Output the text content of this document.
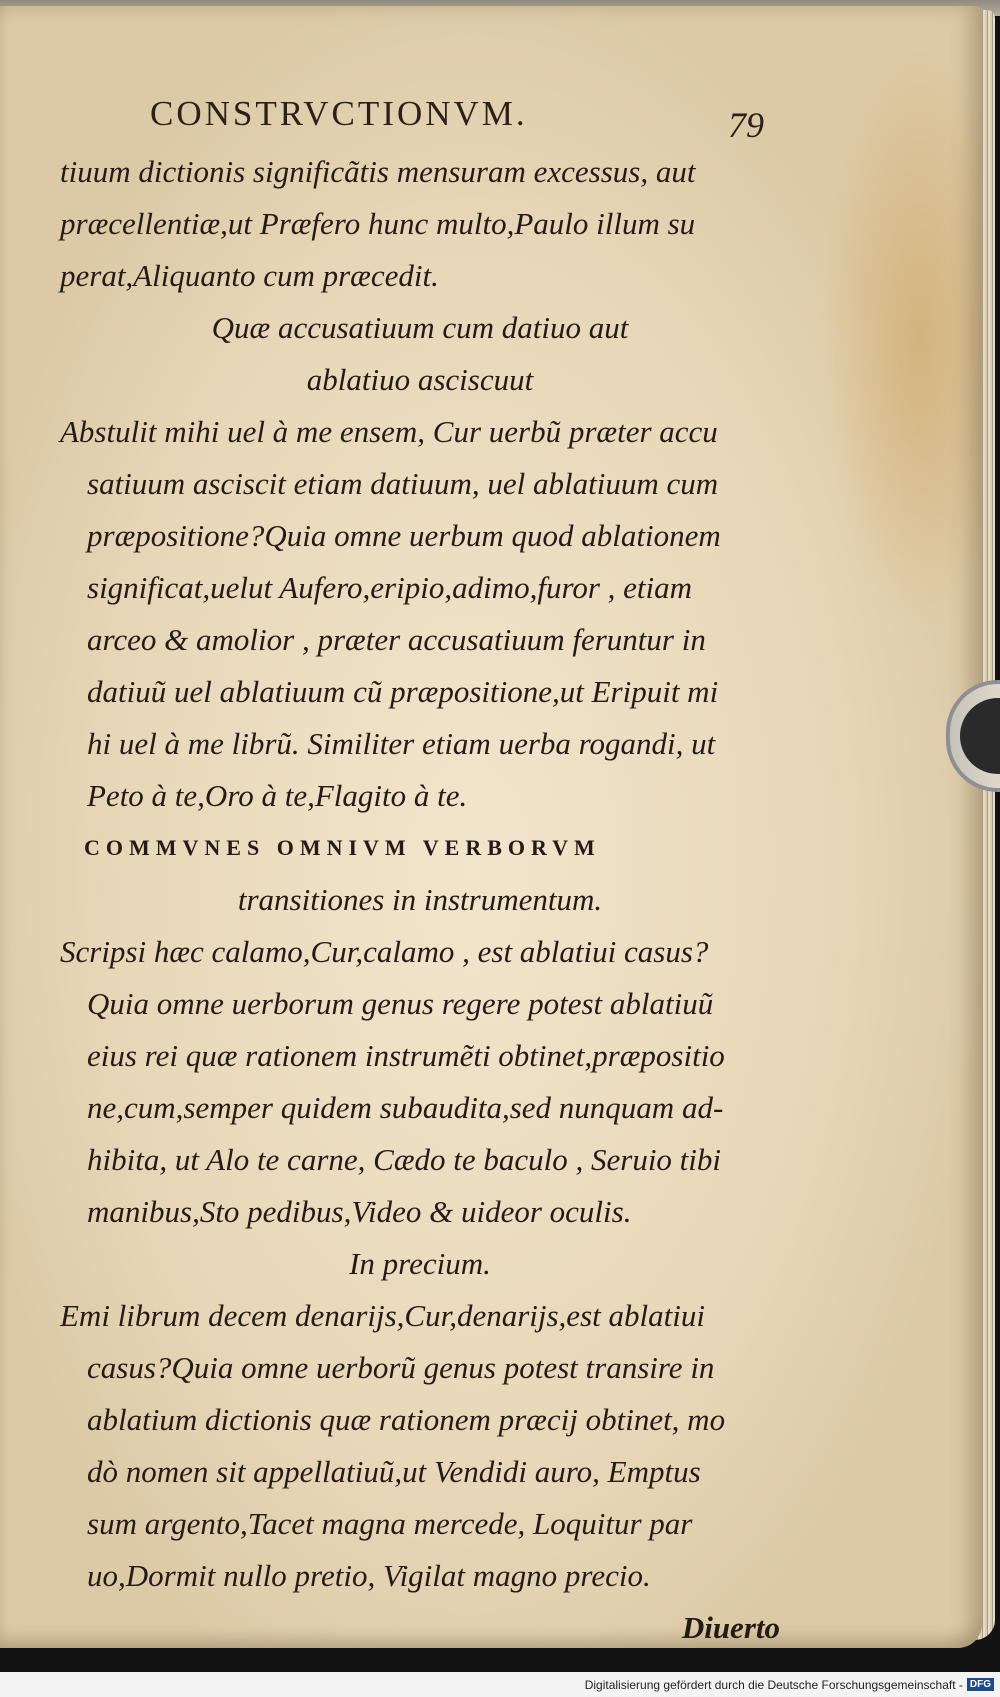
CONSTRVCTIONVM.	79
tiuum dictionis significãtis mensuram excessus, aut
præcellentiæ,ut Præfero hunc multo,Paulo illum su
perat,Aliquanto cum præcedit.
Quæ accusatiuum cum datiuo aut
ablatiuo asciscuut
Abstulit mihi uel à me ensem, Cur uerbũ præter accu
satiuum asciscit etiam datiuum, uel ablatiuum cum
præpositione?Quia omne uerbum quod ablationem
significat,uelut Aufero,eripio,adimo,furor , etiam
arceo & amolior , præter accusatiuum feruntur in
datiuũ uel ablatiuum cũ præpositione,ut Eripuit mi
hi uel à me librũ. Similiter etiam uerba rogandi, ut
Peto à te,Oro à te,Flagito à te.
COMMVNES OMNIVM VERBORVM
transitiones in instrumentum.
Scripsi hæc calamo,Cur,calamo , est ablatiui casus?
Quia omne uerborum genus regere potest ablatiuũ
eius rei quæ rationem instrumẽti obtinet,præpositio
ne,cum,semper quidem subaudita,sed nunquam ad-
hibita, ut Alo te carne, Cædo te baculo , Seruio tibi
manibus,Sto pedibus,Video & uideor oculis.
In precium.
Emi librum decem denarijs,Cur,denarijs,est ablatiui
casus?Quia omne uerborũ genus potest transire in
ablatium dictionis quæ rationem præcij obtinet, mo
dò nomen sit appellatiuũ,ut Vendidi auro, Emptus
sum argento,Tacet magna mercede, Loquitur par
uo,Dormit nullo pretio, Vigilat magno precio.
Diuerto
Digitalisierung gefördert durch die Deutsche Forschungsgemeinschaft - DFG
